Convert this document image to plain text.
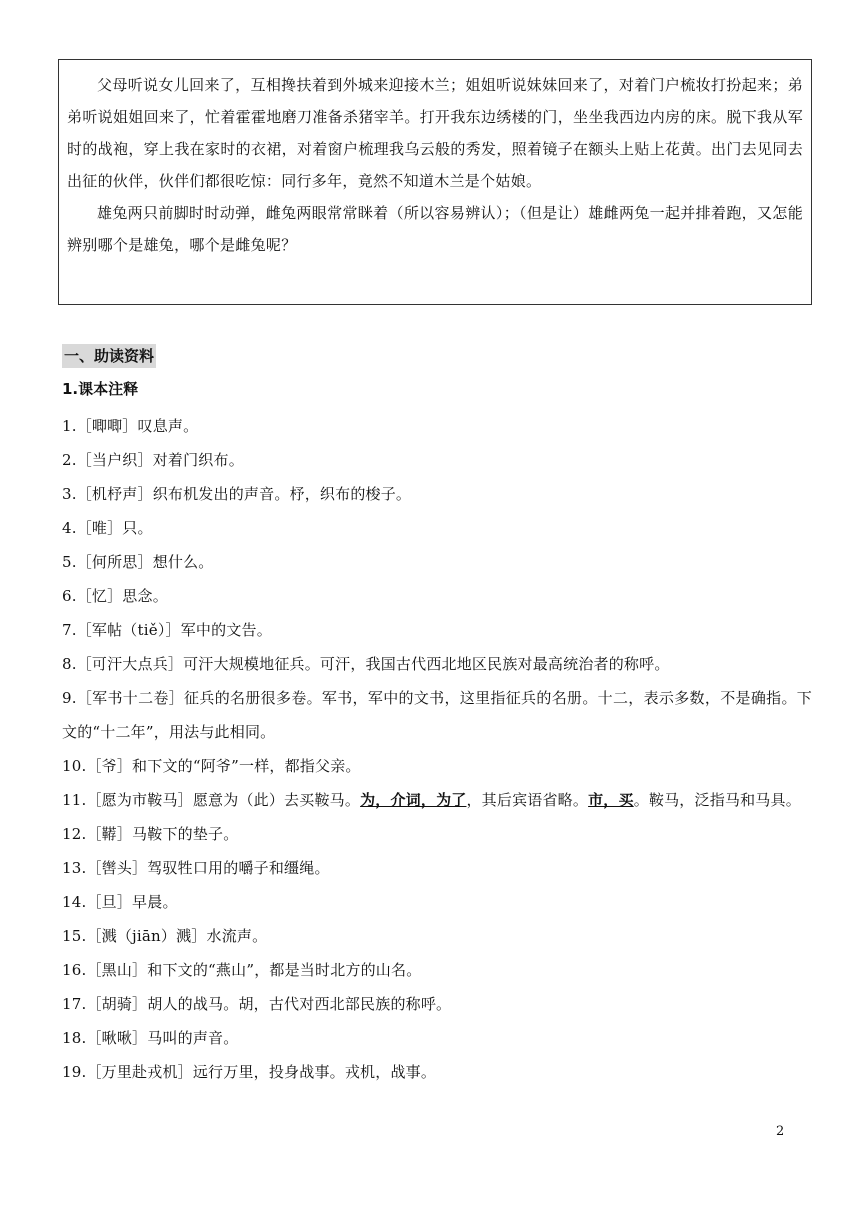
父母听说女儿回来了，互相搀扶着到外城来迎接木兰；姐姐听说妹妹回来了，对着门户梳妆打扮起来；弟弟听说姐姐回来了，忙着霍霍地磨刀准备杀猪宰羊。打开我东边绣楼的门，坐坐我西边内房的床。脱下我从军时的战袍，穿上我在家时的衣裙，对着窗户梳理我乌云般的秀发，照着镜子在额头上贴上花黄。出门去见同去出征的伙伴，伙伴们都很吃惊：同行多年，竟然不知道木兰是个姑娘。

雄兔两只前脚时时动弹，雌兔两眼常常眯着（所以容易辨认）；（但是让）雄雌两兔一起并排着跑，又怎能辨别哪个是雄兔，哪个是雌兔呢？

一、助读资料
1.课本注释
1.［唧唧］叹息声。
2.［当户织］对着门织布。
3.［机杼声］织布机发出的声音。杼，织布的梭子。
4.［唯］只。
5.［何所思］想什么。
6.［忆］思念。
7.［军帖（tiě）］军中的文告。
8.［可汗大点兵］可汗大规模地征兵。可汗，我国古代西北地区民族对最高统治者的称呼。
9.［军书十二卷］征兵的名册很多卷。军书，军中的文书，这里指征兵的名册。十二，表示多数，不是确指。下文的“十二年”，用法与此相同。
10.［爷］和下文的“阿爷”一样，都指父亲。
11.［愿为市鞍马］愿意为（此）去买鞍马。为，介词，为了，其后宾语省略。市，买。鞍马，泛指马和马具。
12.［鞯］马鞍下的垫子。
13.［辔头］驾驭牲口用的嚼子和缰绳。
14.［旦］早晨。
15.［溅（jiān）溅］水流声。
16.［黑山］和下文的“燕山”，都是当时北方的山名。
17.［胡骑］胡人的战马。胡，古代对西北部民族的称呼。
18.［啾啾］马叫的声音。
19.［万里赴戎机］远行万里，投身战事。戎机，战事。
2
